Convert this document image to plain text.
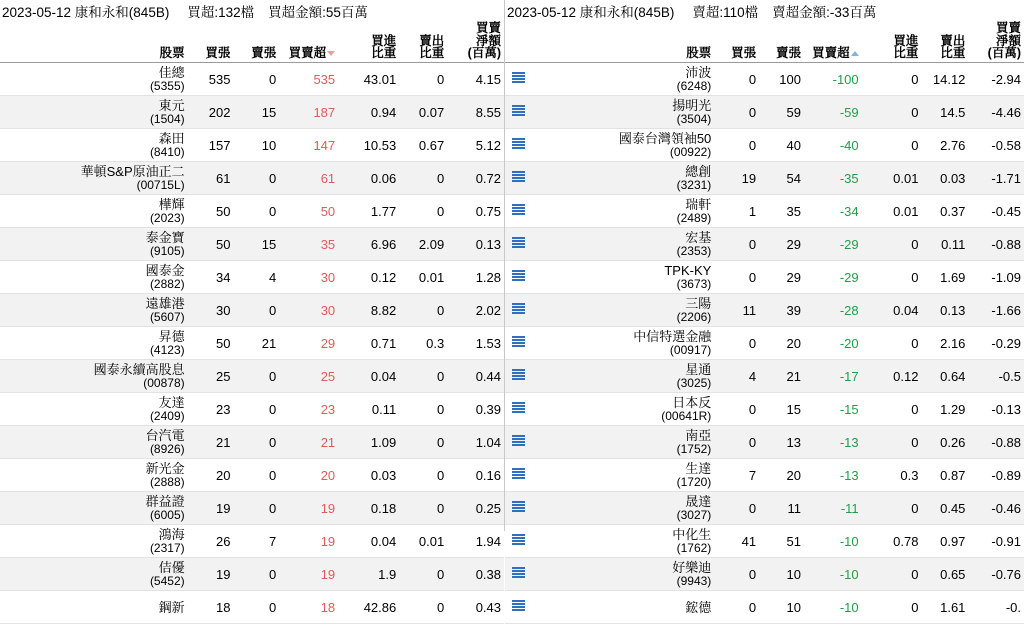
2023-05-12 康和永和(845B) 買超:132檔 買超金額:55百萬
股票	買張	賣張	買賣超	買進
比重	賣出
比重	買賣
淨額
(百萬)

佳總
(5355)	535	0	535	43.01	0	4.15

東元
(1504)	202	15	187	0.94	0.07	8.55

森田
(8410)	157	10	147	10.53	0.67	5.12

華頓S&P原油正二
(00715L)	61	0	61	0.06	0	0.72

樺輝
(2023)	50	0	50	1.77	0	0.75

泰金寶
(9105)	50	15	35	6.96	2.09	0.13

國泰金
(2882)	34	4	30	0.12	0.01	1.28

遠雄港
(5607)	30	0	30	8.82	0	2.02

昇德
(4123)	50	21	29	0.71	0.3	1.53

國泰永續高股息
(00878)	25	0	25	0.04	0	0.44

友達
(2409)	23	0	23	0.11	0	0.39

台汽電
(8926)	21	0	21	1.09	0	1.04

新光金
(2888)	20	0	20	0.03	0	0.16

群益證
(6005)	19	0	19	0.18	0	0.25

鴻海
(2317)	26	7	19	0.04	0.01	1.94

佶優
(5452)	19	0	19	1.9	0	0.38

鋼新	18	0	18	42.86	0	0.43
2023-05-12 康和永和(845B) 賣超:110檔 賣超金額:-33百萬
	股票	買張	賣張	買賣超	買進
比重	賣出
比重	買賣
淨額
(百萬)

	沛波
(6248)	0	100	-100	0	14.12	-2.94

	揚明光
(3504)	0	59	-59	0	14.5	-4.46

	國泰台灣領袖50
(00922)	0	40	-40	0	2.76	-0.58

	總創
(3231)	19	54	-35	0.01	0.03	-1.71

	瑞軒
(2489)	1	35	-34	0.01	0.37	-0.45

	宏基
(2353)	0	29	-29	0	0.11	-0.88

	TPK-KY
(3673)	0	29	-29	0	1.69	-1.09

	三陽
(2206)	11	39	-28	0.04	0.13	-1.66

	中信特選金融
(00917)	0	20	-20	0	2.16	-0.29

	星通
(3025)	4	21	-17	0.12	0.64	-0.5

	日本反
(00641R)	0	15	-15	0	1.29	-0.13

	南亞
(1752)	0	13	-13	0	0.26	-0.88

	生達
(1720)	7	20	-13	0.3	0.87	-0.89

	晟達
(3027)	0	11	-11	0	0.45	-0.46

	中化生
(1762)	41	51	-10	0.78	0.97	-0.91

	好樂迪
(9943)	0	10	-10	0	0.65	-0.76

	鋐德	0	10	-10	0	1.61	-0.
